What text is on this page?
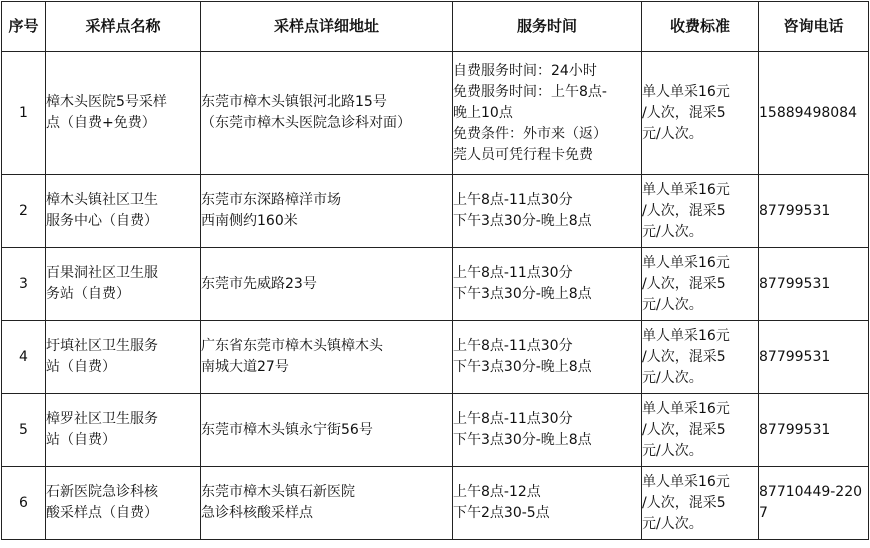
序号	采样点名称	采样点详细地址	服务时间	收费标准	咨询电话

1	樟木头医院5号采样
点（自费+免费）	东莞市樟木头镇银河北路15号
（东莞市樟木头医院急诊科对面）	自费服务时间：24小时
免费服务时间：上午8点-
晚上10点
免费条件：外市来（返）
莞人员可凭行程卡免费	单人单采16元
/人次，混采5
元/人次。	15889498084

2	樟木头镇社区卫生
服务中心（自费）	东莞市东深路樟洋市场
西南侧约160米	上午8点-11点30分
下午3点30分-晚上8点	单人单采16元
/人次，混采5
元/人次。	87799531

3	百果洞社区卫生服
务站（自费）	东莞市先威路23号	上午8点-11点30分
下午3点30分-晚上8点	单人单采16元
/人次，混采5
元/人次。	87799531

4	圩填社区卫生服务
站（自费）	广东省东莞市樟木头镇樟木头
南城大道27号	上午8点-11点30分
下午3点30分-晚上8点	单人单采16元
/人次，混采5
元/人次。	87799531

5	樟罗社区卫生服务
站（自费）	东莞市樟木头镇永宁街56号	上午8点-11点30分
下午3点30分-晚上8点	单人单采16元
/人次，混采5
元/人次。	87799531

6	石新医院急诊科核
酸采样点（自费）	东莞市樟木头镇石新医院
急诊科核酸采样点	上午8点-12点
下午2点30-5点	单人单采16元
/人次，混采5
元/人次。	87710449-220
7
